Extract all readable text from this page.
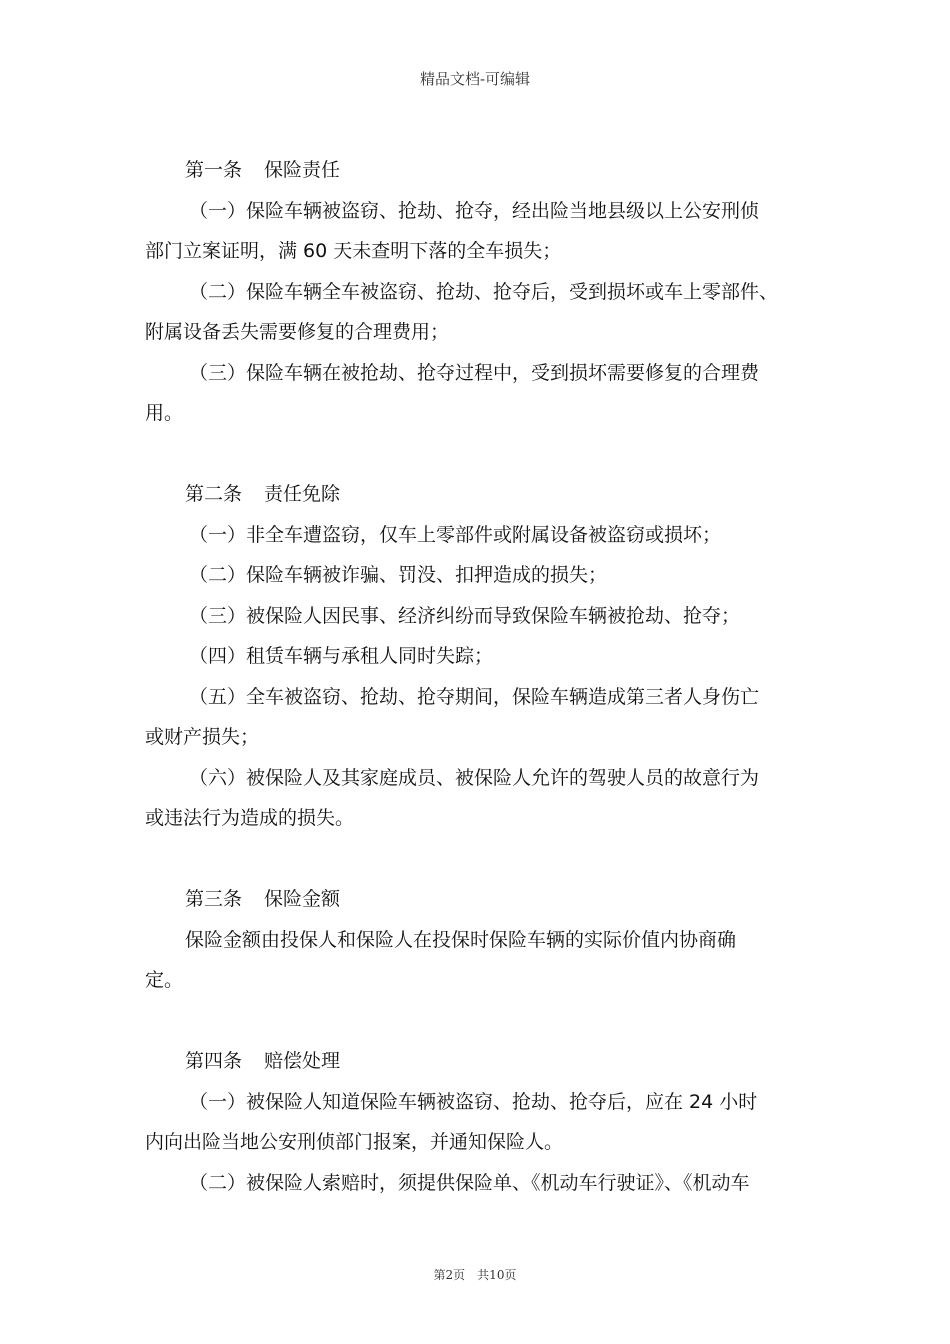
精品文档-可编辑
第一条 保险责任
（一）保险车辆被盗窃、抢劫、抢夺，经出险当地县级以上公安刑侦
部门立案证明，满 60 天未查明下落的全车损失；
（二）保险车辆全车被盗窃、抢劫、抢夺后，受到损坏或车上零部件、
附属设备丢失需要修复的合理费用；
（三）保险车辆在被抢劫、抢夺过程中，受到损坏需要修复的合理费
用。
第二条 责任免除
（一）非全车遭盗窃，仅车上零部件或附属设备被盗窃或损坏；
（二）保险车辆被诈骗、罚没、扣押造成的损失；
（三）被保险人因民事、经济纠纷而导致保险车辆被抢劫、抢夺；
（四）租赁车辆与承租人同时失踪；
（五）全车被盗窃、抢劫、抢夺期间，保险车辆造成第三者人身伤亡
或财产损失；
（六）被保险人及其家庭成员、被保险人允许的驾驶人员的故意行为
或违法行为造成的损失。
第三条 保险金额
保险金额由投保人和保险人在投保时保险车辆的实际价值内协商确
定。
第四条 赔偿处理
（一）被保险人知道保险车辆被盗窃、抢劫、抢夺后，应在 24 小时
内向出险当地公安刑侦部门报案，并通知保险人。
（二）被保险人索赔时，须提供保险单、《机动车行驶证》、《机动车
第2页　共10页
